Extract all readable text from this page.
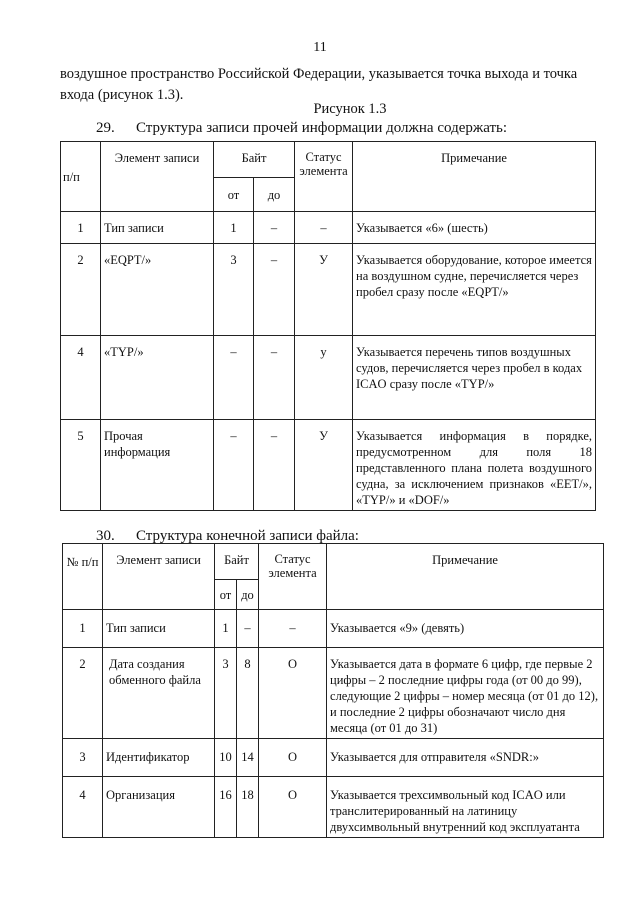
11
воздушное пространство Российской Федерации, указывается точка выхода и точка входа (рисунок 1.3).
Рисунок 1.3
29. Структура записи прочей информации должна содержать:
п/п	Элемент записи	Байт		Статус элемента	Примечание
		от	до		
1	Тип записи	1	–	–	Указывается «6» (шесть)
2	«EQPT/»	3	–	У	Указывается оборудование, которое имеется на воздушном судне, перечисляется через пробел сразу после «EQPT/»
4	«TYP/»	–	–	у	Указывается перечень типов воздушных судов, перечисляется через пробел в кодах ICAO сразу после «TYP/»
5	Прочая информация	–	–	У	Указывается информация в порядке, предусмотренном для поля 18 представленного плана полета воздушного судна, за исключением признаков «EET/», «TYP/» и «DOF/»
30. Структура конечной записи файла:
№ п/п	Элемент записи	Байт		Статус элемента	Примечание
		от	до		
1	Тип записи	1	–	–	Указывается «9» (девять)
2	Дата создания обменного файла	3	8	О	Указывается дата в формате 6 цифр, где первые 2 цифры – 2 последние цифры года (от 00 до 99), следующие 2 цифры – номер месяца (от 01 до 12), и последние 2 цифры обозначают число дня месяца (от 01 до 31)
3	Идентификатор	10	14	О	Указывается для отправителя «SNDR:»
4	Организация	16	18	О	Указывается трехсимвольный код ICAO или транслитерированный на латиницу двухсимвольный внутренний код эксплуатанта
